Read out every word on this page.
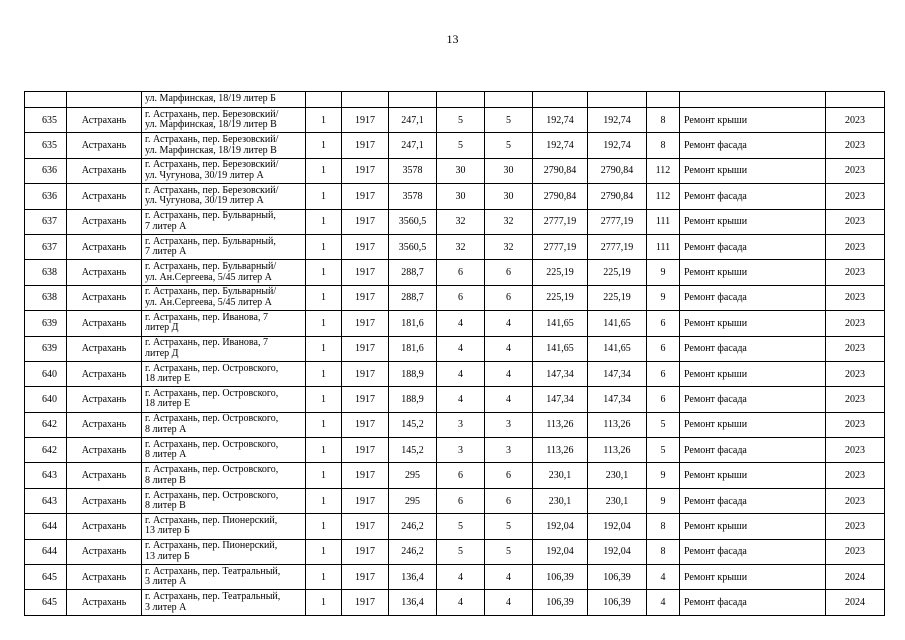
13
		ул. Марфинская, 18/19 литер Б										
635	Астрахань	г. Астрахань, пер. Березовский/
ул. Марфинская, 18/19 литер В	1	1917	247,1	5	5	192,74	192,74	8	Ремонт крыши	2023
635	Астрахань	г. Астрахань, пер. Березовский/
ул. Марфинская, 18/19 литер В	1	1917	247,1	5	5	192,74	192,74	8	Ремонт фасада	2023
636	Астрахань	г. Астрахань, пер. Березовский/
ул. Чугунова, 30/19 литер А	1	1917	3578	30	30	2790,84	2790,84	112	Ремонт крыши	2023
636	Астрахань	г. Астрахань, пер. Березовский/
ул. Чугунова, 30/19 литер А	1	1917	3578	30	30	2790,84	2790,84	112	Ремонт фасада	2023
637	Астрахань	г. Астрахань, пер. Бульварный,
7 литер А	1	1917	3560,5	32	32	2777,19	2777,19	111	Ремонт крыши	2023
637	Астрахань	г. Астрахань, пер. Бульварный,
7 литер А	1	1917	3560,5	32	32	2777,19	2777,19	111	Ремонт фасада	2023
638	Астрахань	г. Астрахань, пер. Бульварный/
ул. Ан.Сергеева, 5/45 литер А	1	1917	288,7	6	6	225,19	225,19	9	Ремонт крыши	2023
638	Астрахань	г. Астрахань, пер. Бульварный/
ул. Ан.Сергеева, 5/45 литер А	1	1917	288,7	6	6	225,19	225,19	9	Ремонт фасада	2023
639	Астрахань	г. Астрахань, пер. Иванова, 7
литер Д	1	1917	181,6	4	4	141,65	141,65	6	Ремонт крыши	2023
639	Астрахань	г. Астрахань, пер. Иванова, 7
литер Д	1	1917	181,6	4	4	141,65	141,65	6	Ремонт фасада	2023
640	Астрахань	г. Астрахань, пер. Островского,
18 литер Е	1	1917	188,9	4	4	147,34	147,34	6	Ремонт крыши	2023
640	Астрахань	г. Астрахань, пер. Островского,
18 литер Е	1	1917	188,9	4	4	147,34	147,34	6	Ремонт фасада	2023
642	Астрахань	г. Астрахань, пер. Островского,
8 литер А	1	1917	145,2	3	3	113,26	113,26	5	Ремонт крыши	2023
642	Астрахань	г. Астрахань, пер. Островского,
8 литер А	1	1917	145,2	3	3	113,26	113,26	5	Ремонт фасада	2023
643	Астрахань	г. Астрахань, пер. Островского,
8 литер В	1	1917	295	6	6	230,1	230,1	9	Ремонт крыши	2023
643	Астрахань	г. Астрахань, пер. Островского,
8 литер В	1	1917	295	6	6	230,1	230,1	9	Ремонт фасада	2023
644	Астрахань	г. Астрахань, пер. Пионерский,
13 литер Б	1	1917	246,2	5	5	192,04	192,04	8	Ремонт крыши	2023
644	Астрахань	г. Астрахань, пер. Пионерский,
13 литер Б	1	1917	246,2	5	5	192,04	192,04	8	Ремонт фасада	2023
645	Астрахань	г. Астрахань, пер. Театральный,
3 литер А	1	1917	136,4	4	4	106,39	106,39	4	Ремонт крыши	2024
645	Астрахань	г. Астрахань, пер. Театральный,
3 литер А	1	1917	136,4	4	4	106,39	106,39	4	Ремонт фасада	2024
